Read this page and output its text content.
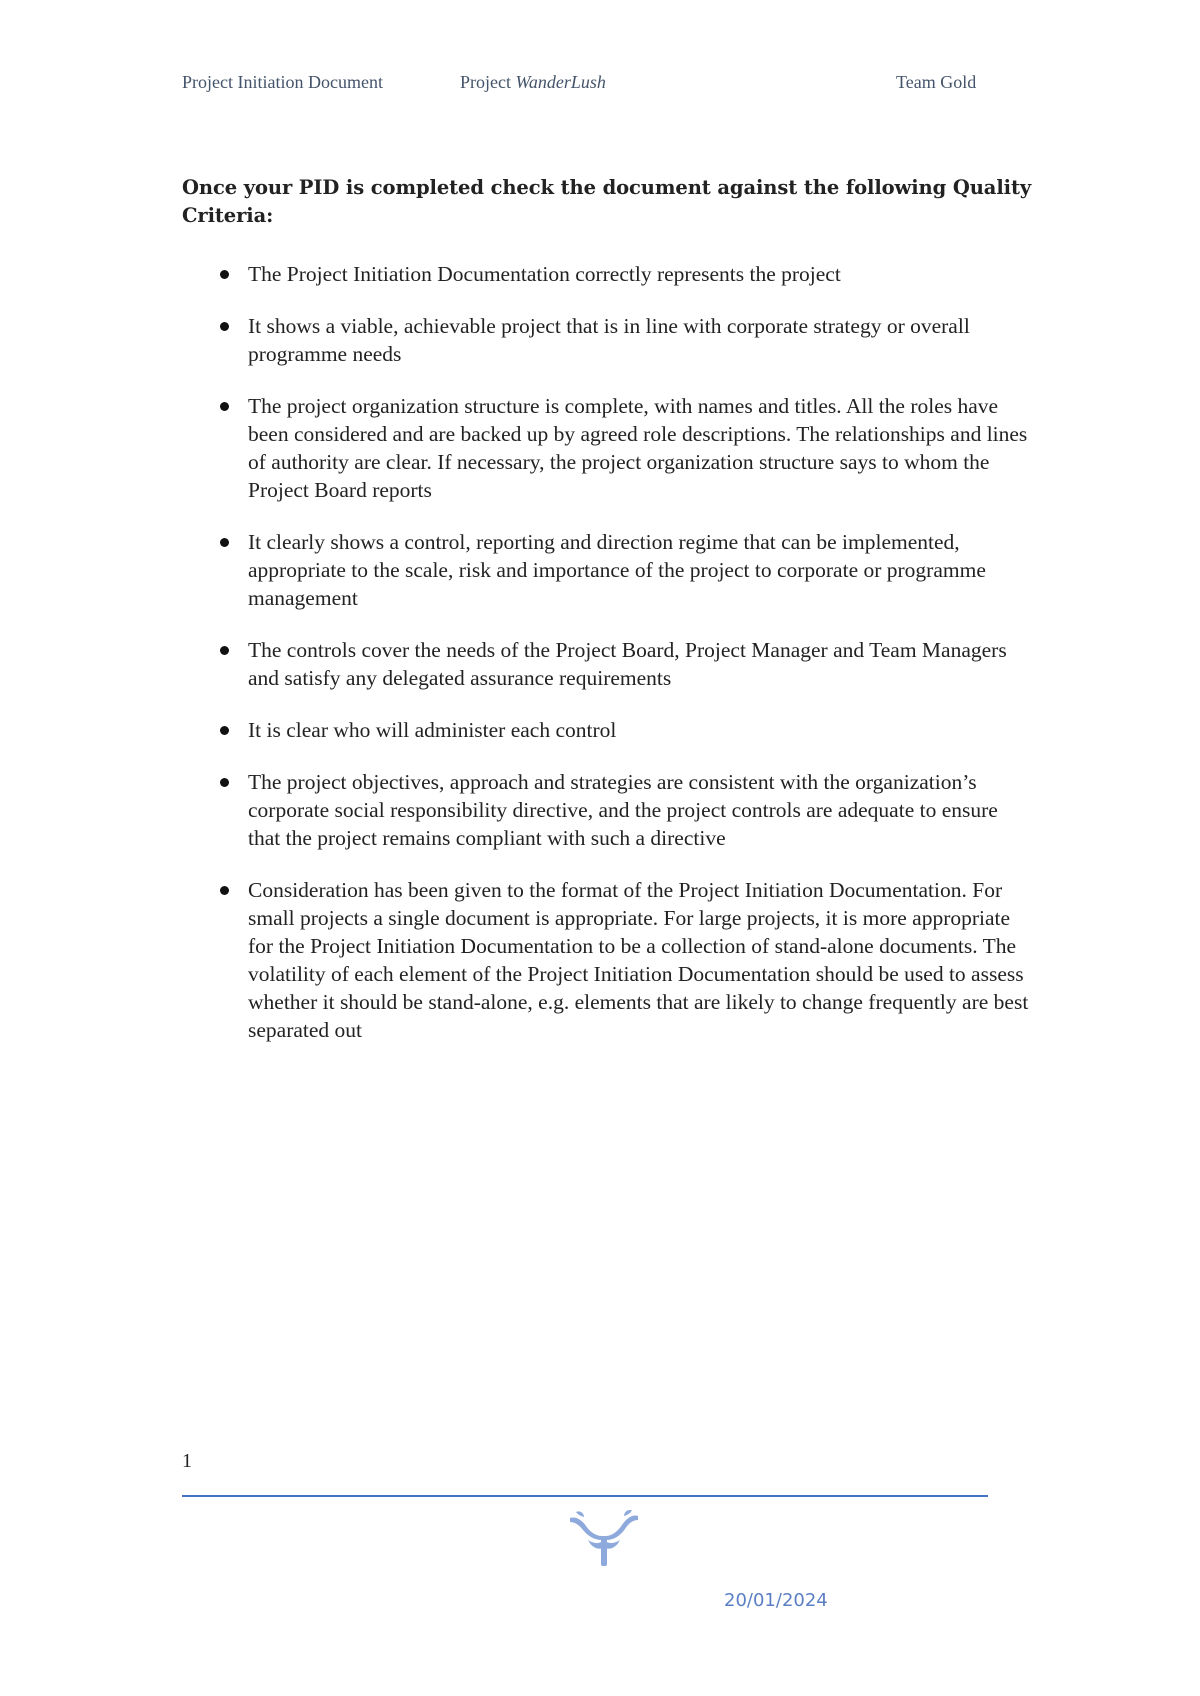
Project Initiation Document	Project WanderLush	Team Gold

Once your PID is completed check the document against the following Quality Criteria:

The Project Initiation Documentation correctly represents the project
It shows a viable, achievable project that is in line with corporate strategy or overall programme needs
The project organization structure is complete, with names and titles. All the roles have been considered and are backed up by agreed role descriptions. The relationships and lines of authority are clear. If necessary, the project organization structure says to whom the Project Board reports
It clearly shows a control, reporting and direction regime that can be implemented, appropriate to the scale, risk and importance of the project to corporate or programme management
The controls cover the needs of the Project Board, Project Manager and Team Managers and satisfy any delegated assurance requirements
It is clear who will administer each control
The project objectives, approach and strategies are consistent with the organization’s corporate social responsibility directive, and the project controls are adequate to ensure that the project remains compliant with such a directive
Consideration has been given to the format of the Project Initiation Documentation. For small projects a single document is appropriate. For large projects, it is more appropriate for the Project Initiation Documentation to be a collection of stand-alone documents. The volatility of each element of the Project Initiation Documentation should be used to assess whether it should be stand-alone, e.g. elements that are likely to change frequently are best separated out
1
20/01/2024
